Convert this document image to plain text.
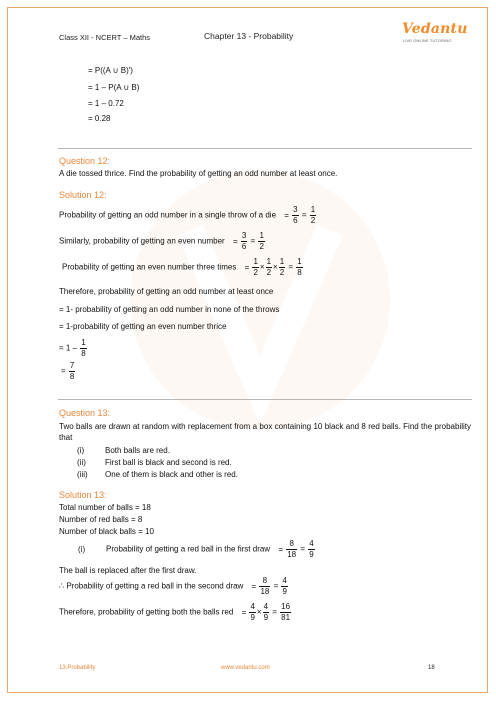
Class XII - NCERT – Maths	Chapter 13 - Probability	Vedantu
LIVE ONLINE TUTORING
= P((A ∪ B)′)
= 1 – P(A ∪ B)
= 1 – 0.72
= 0.28
Question 12:
A die tossed thrice. Find the probability of getting an odd number at least once.
Solution 12:
Probability of getting an odd number in a single throw of a die = $\frac{3}{6} = \frac{1}{2}$
Similarly, probability of getting an even number = $\frac{3}{6} = \frac{1}{2}$
Probability of getting an even number three times = $\frac{1}{2} \times \frac{1}{2} \times \frac{1}{2} = \frac{1}{8}$
Therefore, probability of getting an odd number at least once
= 1- probability of getting an odd number in none of the throws
= 1-probability of getting an even number thrice
= $1 - \frac{1}{8}$
= $\frac{7}{8}$
Question 13:
Two balls are drawn at random with replacement from a box containing 10 black and 8 red balls. Find the probability that
(i)	Both balls are red.
(ii) First ball is black and second is red.
(iii) One of them is black and other is red.
Solution 13:
Total number of balls = 18
Number of red balls = 8
Number of black balls = 10
(i)	Probability of getting a red ball in the first draw = $\frac{8}{18} = \frac{4}{9}$
The ball is replaced after the first draw.
∴ Probability of getting a red ball in the second draw = $\frac{8}{18} = \frac{4}{9}$
Therefore, probability of getting both the balls red = $\frac{4}{9} \times \frac{4}{9} = \frac{16}{81}$
13.Probability	www.vedantu.com	18
